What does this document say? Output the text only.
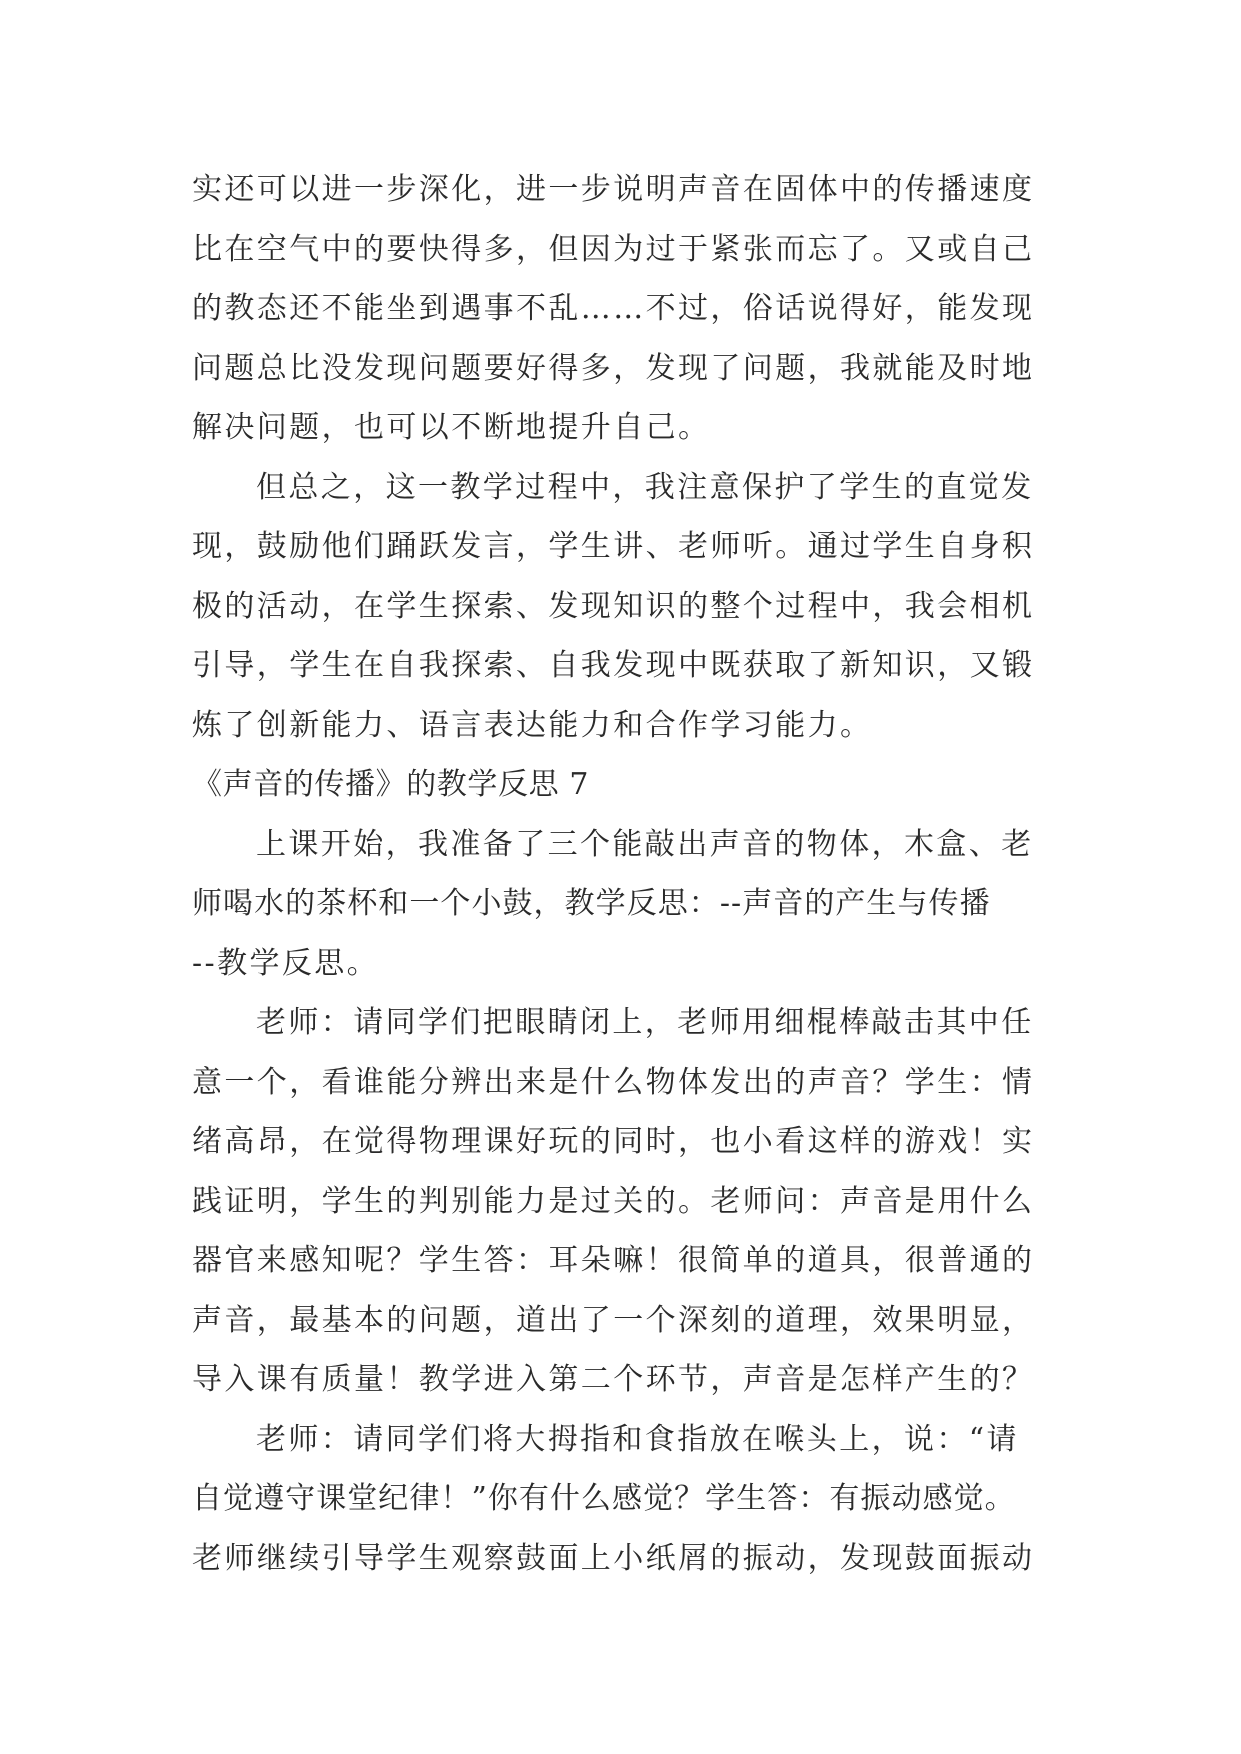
实还可以进一步深化，进一步说明声音在固体中的传播速度
比在空气中的要快得多，但因为过于紧张而忘了。又或自己
的教态还不能坐到遇事不乱……不过，俗话说得好，能发现
问题总比没发现问题要好得多，发现了问题，我就能及时地
解决问题，也可以不断地提升自己。
但总之，这一教学过程中，我注意保护了学生的直觉发
现，鼓励他们踊跃发言，学生讲、老师听。通过学生自身积
极的活动，在学生探索、发现知识的整个过程中，我会相机
引导，学生在自我探索、自我发现中既获取了新知识，又锻
炼了创新能力、语言表达能力和合作学习能力。
《声音的传播》的教学反思 7
上课开始，我准备了三个能敲出声音的物体，木盒、老
师喝水的茶杯和一个小鼓，教学反思：--声音的产生与传播
--教学反思。
老师：请同学们把眼睛闭上，老师用细棍棒敲击其中任
意一个，看谁能分辨出来是什么物体发出的声音？学生：情
绪高昂，在觉得物理课好玩的同时，也小看这样的游戏！实
践证明，学生的判别能力是过关的。老师问：声音是用什么
器官来感知呢？学生答：耳朵嘛！很简单的道具，很普通的
声音，最基本的问题，道出了一个深刻的道理，效果明显，
导入课有质量！教学进入第二个环节，声音是怎样产生的？
老师：请同学们将大拇指和食指放在喉头上，说：“请
自觉遵守课堂纪律！”你有什么感觉？学生答：有振动感觉。
老师继续引导学生观察鼓面上小纸屑的振动，发现鼓面振动
